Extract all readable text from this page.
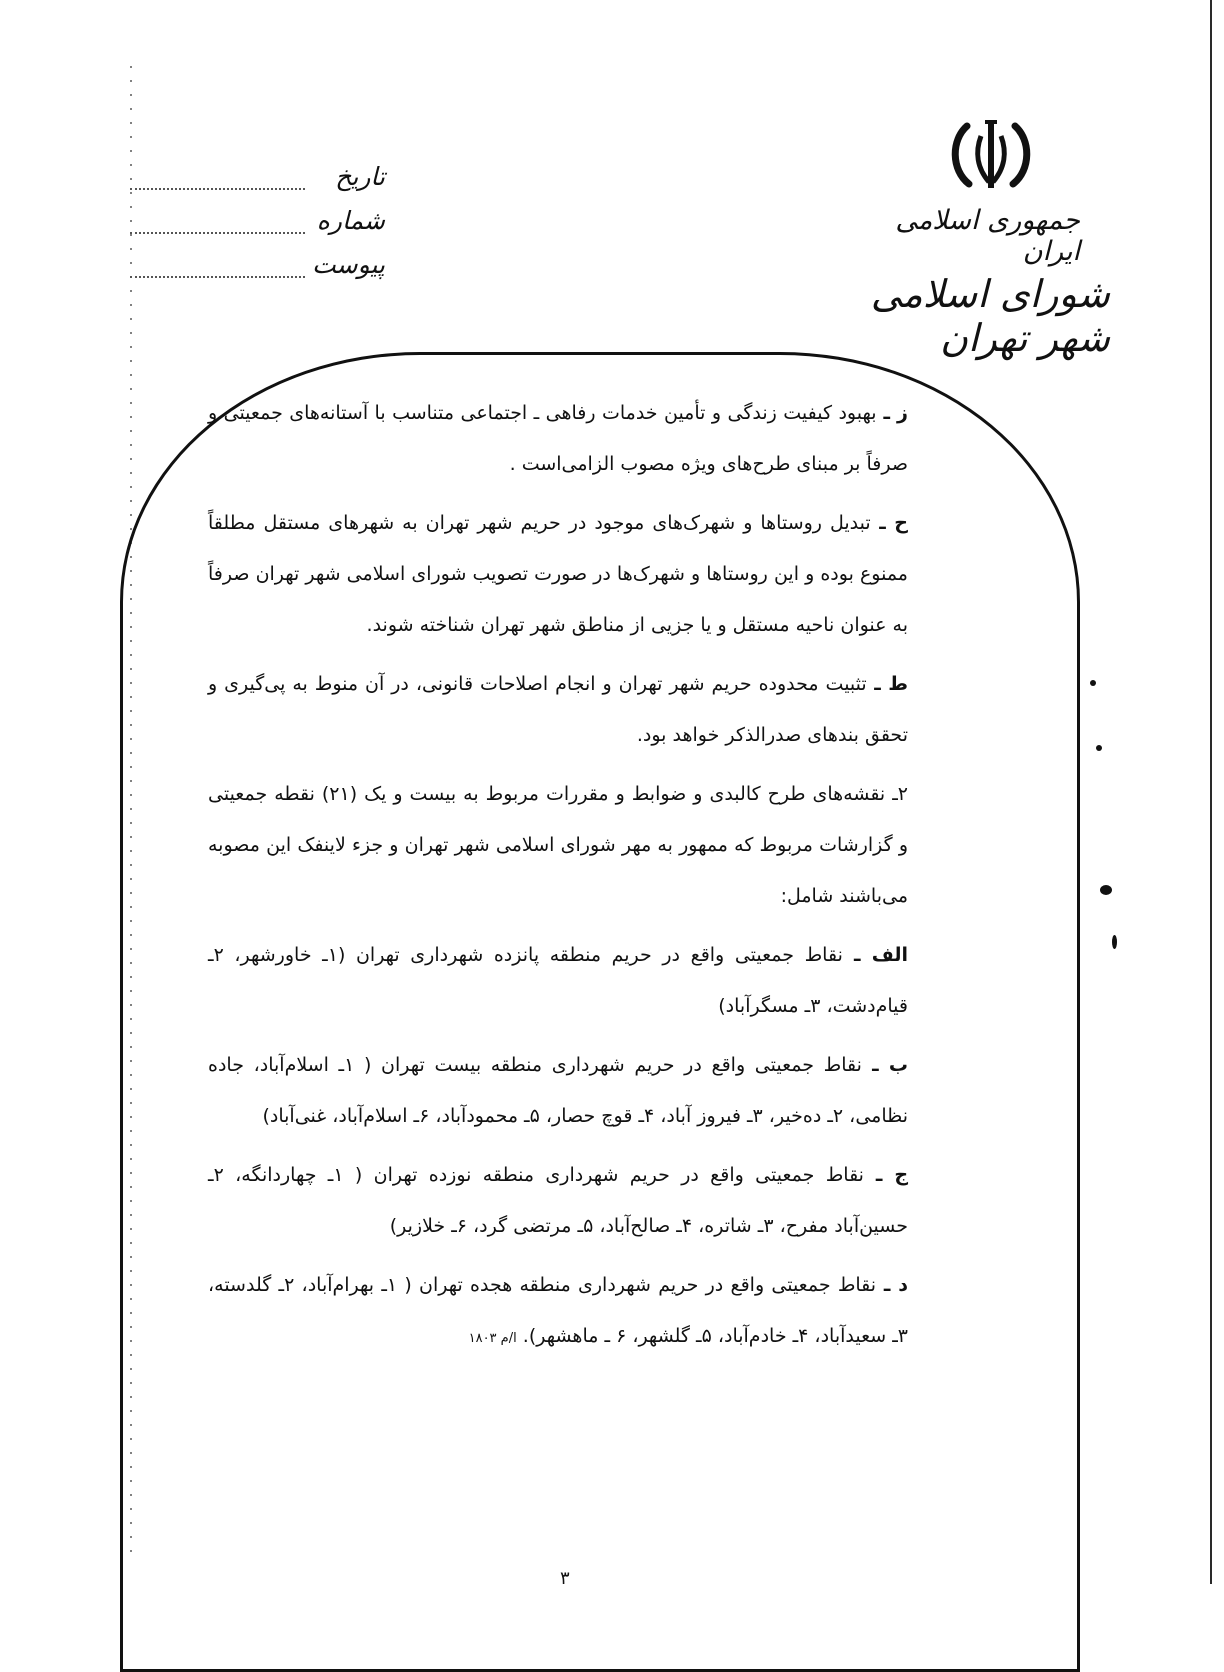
جمهوری اسلامی ایران
شورای اسلامی شهر تهران
تاریخ
شماره
پیوست

ز ـ بهبود کیفیت زندگی و تأمین خدمات رفاهی ـ اجتماعی متناسب با آستانه‌های جمعیتی و صرفاً بر مبنای طرح‌های ویژه مصوب الزامی‌است .

ح ـ تبدیل روستاها و شهرک‌های موجود در حریم شهر تهران به شهرهای مستقل مطلقاً ممنوع بوده و این روستاها و شهرک‌ها در صورت تصویب شورای اسلامی شهر تهران صرفاً به عنوان ناحیه مستقل و یا جزیی از مناطق شهر تهران شناخته شوند.

ط ـ تثبیت محدوده حریم شهر تهران و انجام اصلاحات قانونی، در آن منوط به پی‌گیری و تحقق بندهای صدرالذکر خواهد بود.

۲ـ نقشه‌های طرح کالبدی و ضوابط و مقررات مربوط به بیست و یک (۲۱) نقطه جمعیتی و گزارشات مربوط که ممهور به مهر شورای اسلامی شهر تهران و جزء لاینفک این مصوبه می‌باشند شامل:

الف ـ نقاط جمعیتی واقع در حریم منطقه پانزده شهرداری تهران (۱ـ خاورشهر، ۲ـ قیام‌دشت، ۳ـ مسگرآباد)

ب ـ نقاط جمعیتی واقع در حریم شهرداری منطقه بیست تهران ( ۱ـ اسلام‌آباد، جاده نظامی، ۲ـ ده‌خیر، ۳ـ فیروز آباد، ۴ـ قوچ حصار، ۵ـ محمودآباد، ۶ـ اسلام‌آباد، غنی‌آباد)

ج ـ نقاط جمعیتی واقع در حریم شهرداری منطقه نوزده تهران ( ۱ـ چهاردانگه، ۲ـ حسین‌آباد مفرح، ۳ـ شاتره، ۴ـ صالح‌آباد، ۵ـ مرتضی گرد، ۶ـ خلازیر)

د ـ نقاط جمعیتی واقع در حریم شهرداری منطقه هجده تهران ( ۱ـ بهرام‌آباد، ۲ـ گلدسته، ۳ـ سعیدآباد، ۴ـ خادم‌آباد، ۵ـ گلشهر، ۶ ـ ماهشهر). ا/م ۱۸۰۳

۳
